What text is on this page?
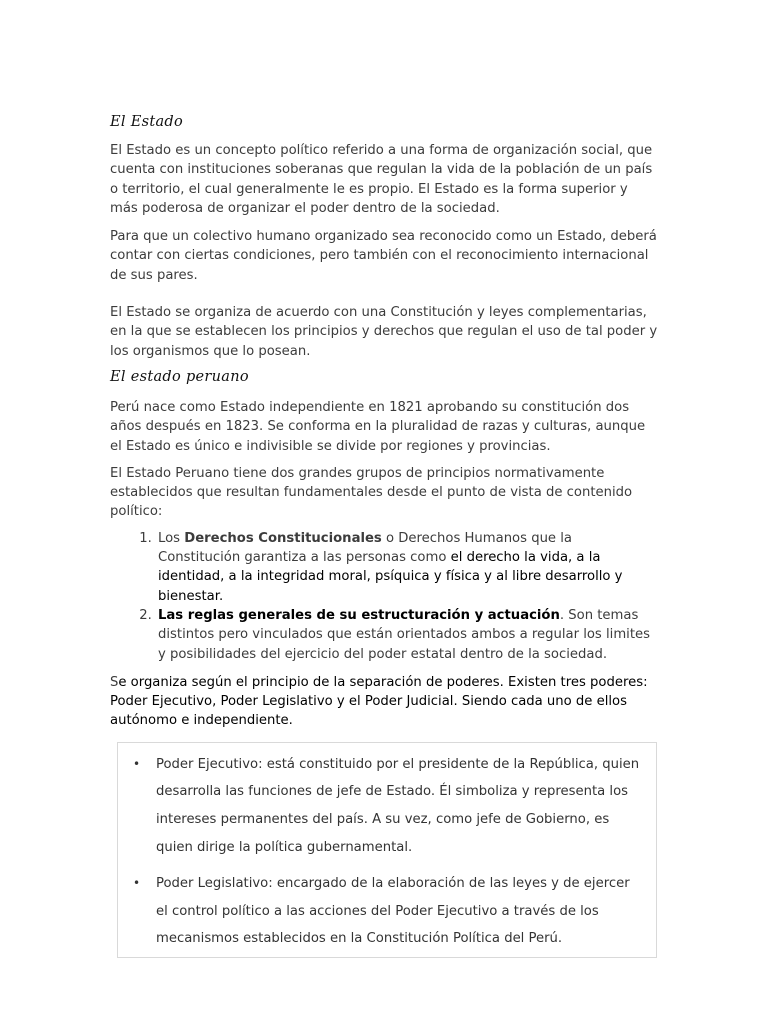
El Estado

El Estado es un concepto político referido a una forma de organización social, que cuenta con instituciones soberanas que regulan la vida de la población de un país o territorio, el cual generalmente le es propio. El Estado es la forma superior y más poderosa de organizar el poder dentro de la sociedad.

Para que un colectivo humano organizado sea reconocido como un Estado, deberá contar con ciertas condiciones, pero también con el reconocimiento internacional de sus pares.

El Estado se organiza de acuerdo con una Constitución y leyes complementarias, en la que se establecen los principios y derechos que regulan el uso de tal poder y los organismos que lo posean.

El estado peruano

Perú nace como Estado independiente en 1821 aprobando su constitución dos años después en 1823. Se conforma en la pluralidad de razas y culturas, aunque el Estado es único e indivisible se divide por regiones y provincias.

El Estado Peruano tiene dos grandes grupos de principios normativamente establecidos que resultan fundamentales desde el punto de vista de contenido político:

1. Los Derechos Constitucionales o Derechos Humanos que la Constitución garantiza a las personas como el derecho la vida, a la identidad, a la integridad moral, psíquica y física y al libre desarrollo y bienestar.
2. Las reglas generales de su estructuración y actuación. Son temas distintos pero vinculados que están orientados ambos a regular los limites y posibilidades del ejercicio del poder estatal dentro de la sociedad.

Se organiza según el principio de la separación de poderes. Existen tres poderes: Poder Ejecutivo, Poder Legislativo y el Poder Judicial. Siendo cada uno de ellos autónomo e independiente.

• Poder Ejecutivo: está constituido por el presidente de la República, quien desarrolla las funciones de jefe de Estado. Él simboliza y representa los intereses permanentes del país. A su vez, como jefe de Gobierno, es quien dirige la política gubernamental.
• Poder Legislativo: encargado de la elaboración de las leyes y de ejercer el control político a las acciones del Poder Ejecutivo a través de los mecanismos establecidos en la Constitución Política del Perú.
